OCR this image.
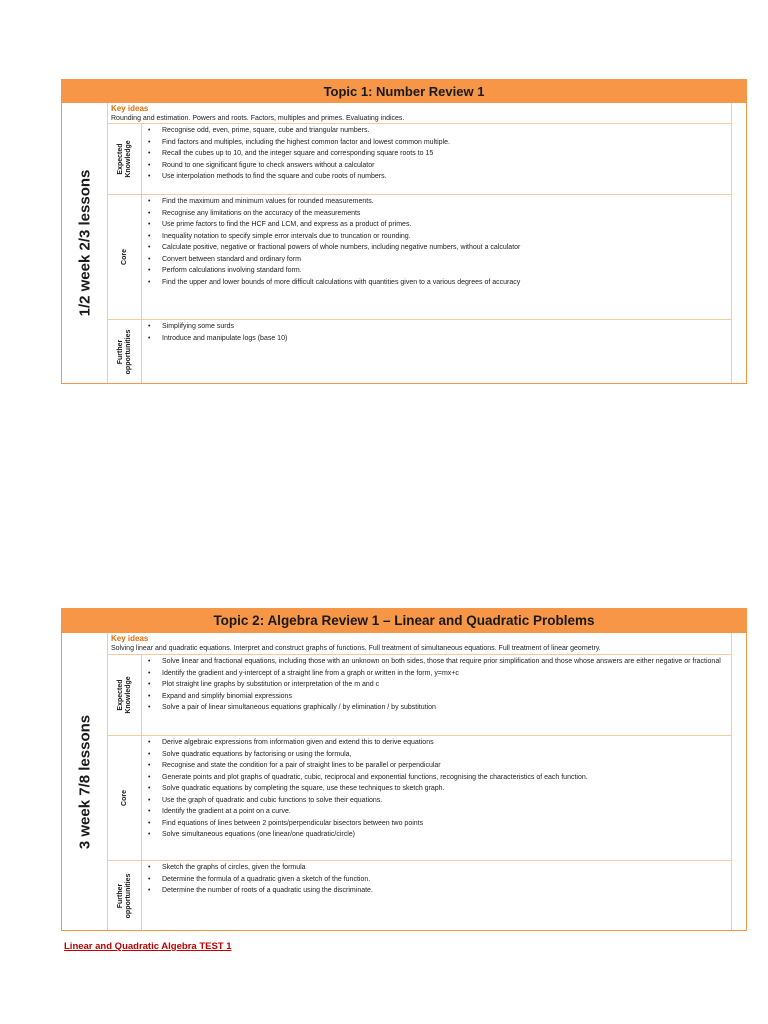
Topic 1: Number Review 1
1/2 week 2/3 lessons
Key ideas
Rounding and estimation. Powers and roots. Factors, multiples and primes. Evaluating indices.
Expected Knowledge
• Recognise odd, even, prime, square, cube and triangular numbers.
• Find factors and multiples, including the highest common factor and lowest common multiple.
• Recall the cubes up to 10, and the integer square and corresponding square roots to 15
• Round to one significant figure to check answers without a calculator
• Use interpolation methods to find the square and cube roots of numbers.
Core
• Find the maximum and minimum values for rounded measurements.
• Recognise any limitations on the accuracy of the measurements
• Use prime factors to find the HCF and LCM, and express as a product of primes.
• Inequality notation to specify simple error intervals due to truncation or rounding.
• Calculate positive, negative or fractional powers of whole numbers, including negative numbers, without a calculator
• Convert between standard and ordinary form
• Perform calculations involving standard form.
• Find the upper and lower bounds of more difficult calculations with quantities given to a various degrees of accuracy
Further opportunities
• Simplifying some surds
• Introduce and manipulate logs (base 10)
Topic 2: Algebra Review 1 – Linear and Quadratic Problems
3 week 7/8 lessons
Key ideas
Solving linear and quadratic equations. Interpret and construct graphs of functions. Full treatment of simultaneous equations. Full treatment of linear geometry.
Expected Knowledge
• Solve linear and fractional equations, including those with an unknown on both sides, those that require prior simplification and those whose answers are either negative or fractional
• Identify the gradient and y-intercept of a straight line from a graph or written in the form, y=mx+c
• Plot straight line graphs by substitution or interpretation of the m and c
• Expand and simplify binomial expressions
• Solve a pair of linear simultaneous equations graphically / by elimination / by substitution
Core
• Derive algebraic expressions from information given and extend this to derive equations
• Solve quadratic equations by factorising or using the formula,
• Recognise and state the condition for a pair of straight lines to be parallel or perpendicular
• Generate points and plot graphs of quadratic, cubic, reciprocal and exponential functions, recognising the characteristics of each function.
• Solve quadratic equations by completing the square, use these techniques to sketch graph.
• Use the graph of quadratic and cubic functions to solve their equations.
• Identify the gradient at a point on a curve.
• Find equations of lines between 2 points/perpendicular bisectors between two points
• Solve simultaneous equations (one linear/one quadratic/circle)
Further opportunities
• Sketch the graphs of circles, given the formula
• Determine the formula of a quadratic given a sketch of the function.
• Determine the number of roots of a quadratic using the discriminate.
Linear and Quadratic Algebra TEST 1
